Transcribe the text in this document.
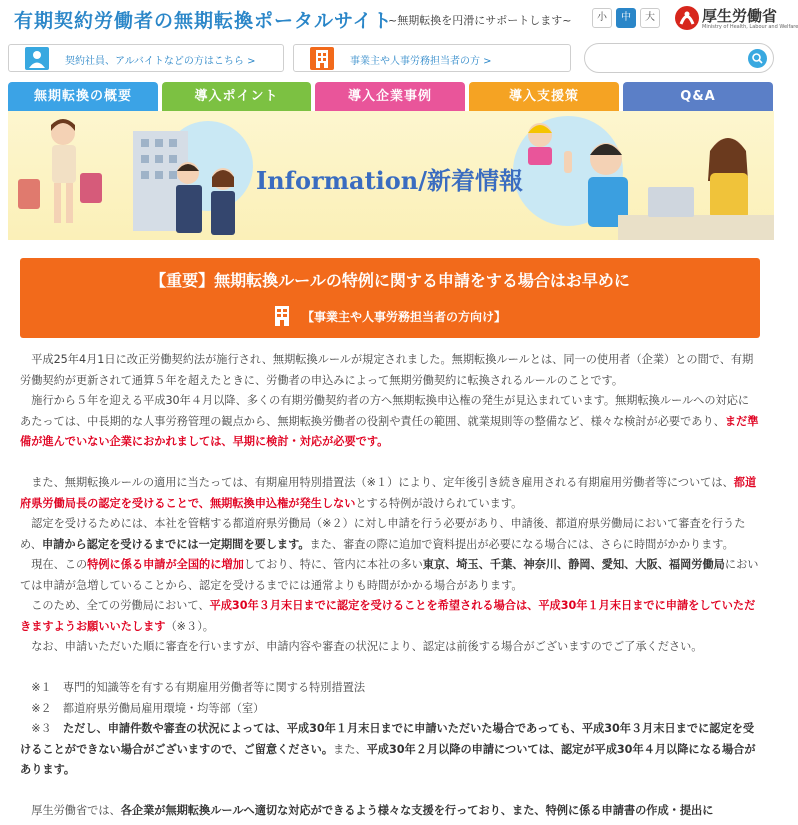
有期契約労働者の無期転換ポータルサイト
~無期転換を円滑にサポートします~	小	中	大	厚生労働省
Ministry of Health, Labour and Welfare
契約社員、アルバイトなどの方はこちら >	事業主や人事労務担当者の方 >
無期転換の概要	導入ポイント	導入企業事例	導入支援策	Q&A
Information/新着情報
【重要】無期転換ルールの特例に関する申請をする場合はお早めに
【事業主や人事労務担当者の方向け】

平成25年4月1日に改正労働契約法が施行され、無期転換ルールが規定されました。無期転換ルールとは、同一の使用者（企業）との間で、有期労働契約が更新されて通算５年を超えたときに、労働者の申込みによって無期労働契約に転換されるルールのことです。

施行から５年を迎える平成30年４月以降、多くの有期労働契約者の方へ無期転換申込権の発生が見込まれています。無期転換ルールへの対応にあたっては、中長期的な人事労務管理の観点から、無期転換労働者の役割や責任の範囲、就業規則等の整備など、様々な検討が必要であり、まだ準備が進んでいない企業におかれましては、早期に検討・対応が必要です。

また、無期転換ルールの適用に当たっては、有期雇用特別措置法（※１）により、定年後引き続き雇用される有期雇用労働者等については、都道府県労働局長の認定を受けることで、無期転換申込権が発生しないとする特例が設けられています。

認定を受けるためには、本社を管轄する都道府県労働局（※２）に対し申請を行う必要があり、申請後、都道府県労働局において審査を行うため、申請から認定を受けるまでには一定期間を要します。また、審査の際に追加で資料提出が必要になる場合には、さらに時間がかかります。

現在、この特例に係る申請が全国的に増加しており、特に、管内に本社の多い東京、埼玉、千葉、神奈川、静岡、愛知、大阪、福岡労働局においては申請が急増していることから、認定を受けるまでには通常よりも時間がかかる場合があります。

このため、全ての労働局において、平成30年３月末日までに認定を受けることを希望される場合は、平成30年１月末日までに申請をしていただきますようお願いいたします（※３）。

なお、申請いただいた順に審査を行いますが、申請内容や審査の状況により、認定は前後する場合がございますのでご了承ください。

※１　専門的知識等を有する有期雇用労働者等に関する特別措置法

※２　都道府県労働局雇用環境・均等部（室）

※３　ただし、申請件数や審査の状況によっては、平成30年１月末日までに申請いただいた場合であっても、平成30年３月末日までに認定を受けることができない場合がございますので、ご留意ください。また、平成30年２月以降の申請については、認定が平成30年４月以降になる場合があります。

厚生労働省では、各企業が無期転換ルールへ適切な対応ができるよう様々な支援を行っており、また、特例に係る申請書の作成・提出に
